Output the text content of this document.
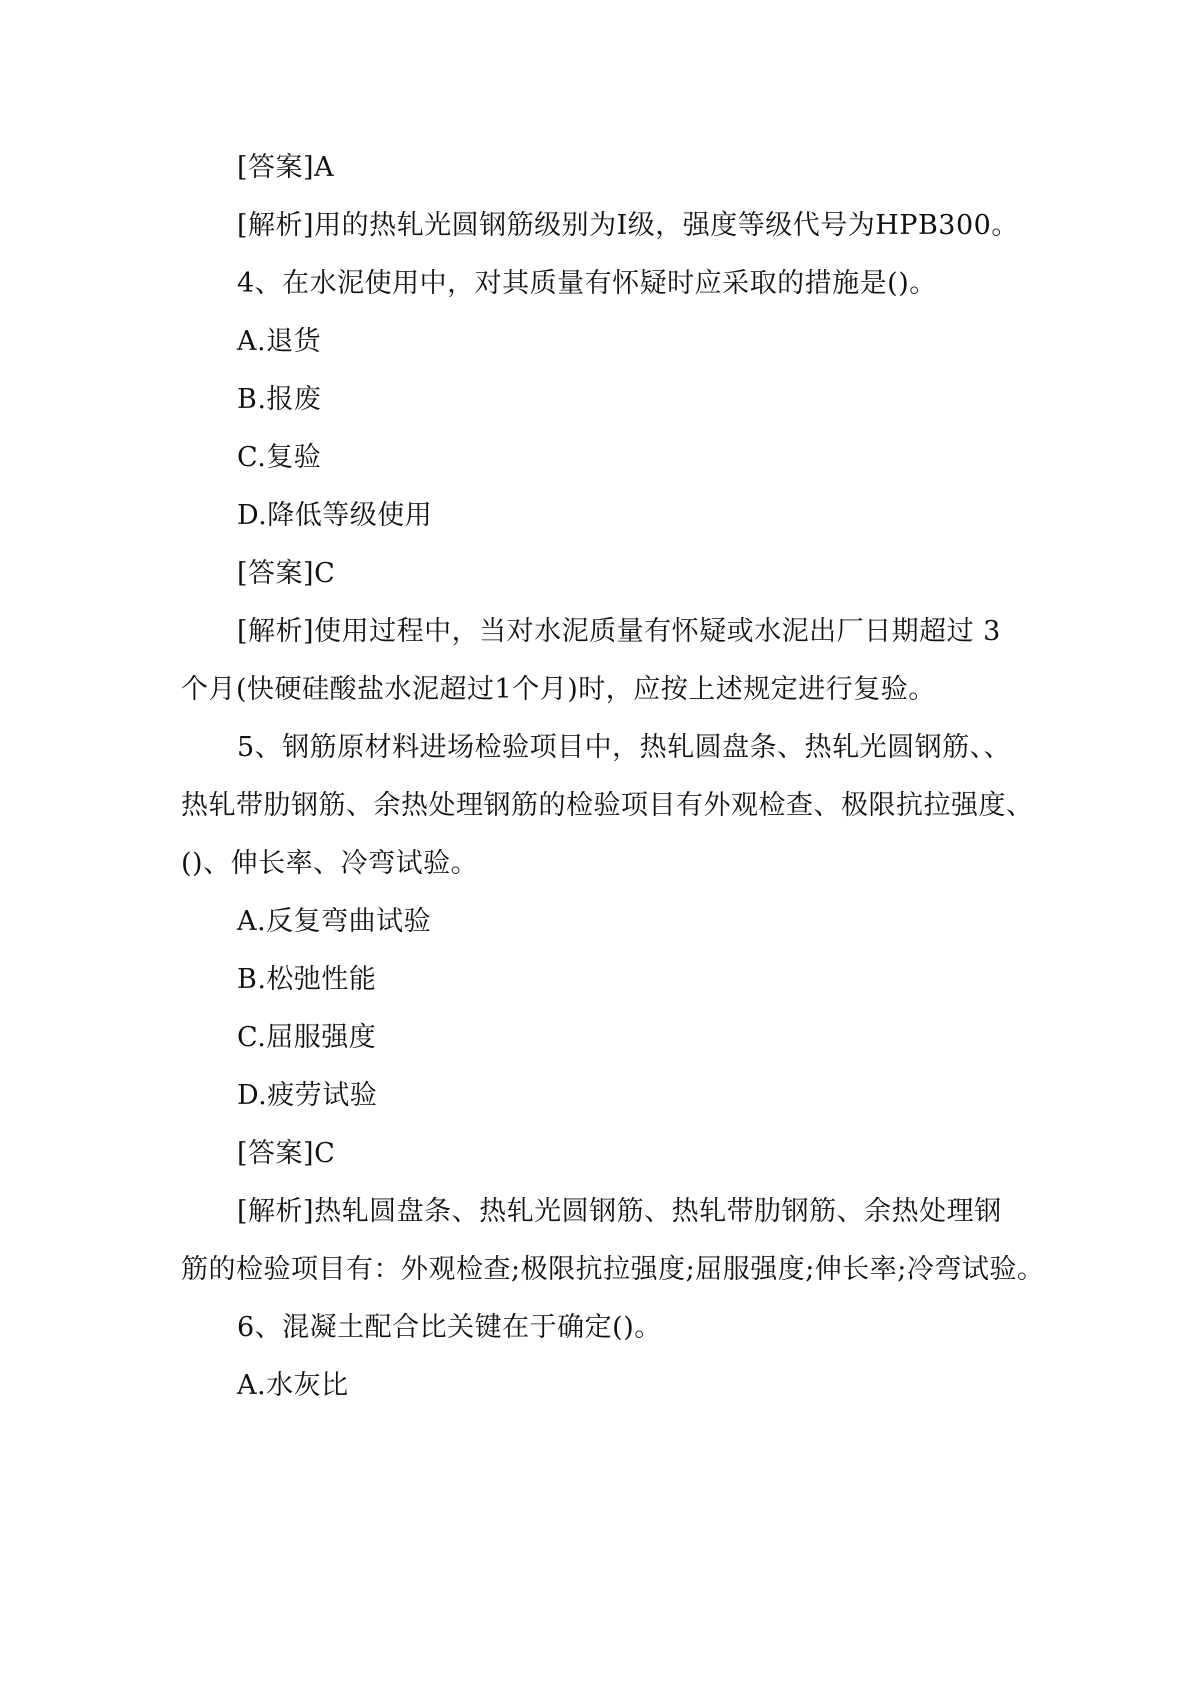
[答案]A
[解析]用的热轧光圆钢筋级别为Ⅰ级，强度等级代号为HPB300。
4、在水泥使用中，对其质量有怀疑时应采取的措施是()。
A.退货
B.报废
C.复验
D.降低等级使用
[答案]C
[解析]使用过程中，当对水泥质量有怀疑或水泥出厂日期超过 3
个月(快硬硅酸盐水泥超过1个月)时，应按上述规定进行复验。
5、钢筋原材料进场检验项目中，热轧圆盘条、热轧光圆钢筋、、
热轧带肋钢筋、余热处理钢筋的检验项目有外观检查、极限抗拉强度、
()、伸长率、冷弯试验。
A.反复弯曲试验
B.松弛性能
C.屈服强度
D.疲劳试验
[答案]C
[解析]热轧圆盘条、热轧光圆钢筋、热轧带肋钢筋、余热处理钢
筋的检验项目有：外观检查;极限抗拉强度;屈服强度;伸长率;冷弯试验。
6、混凝土配合比关键在于确定()。
A.水灰比
